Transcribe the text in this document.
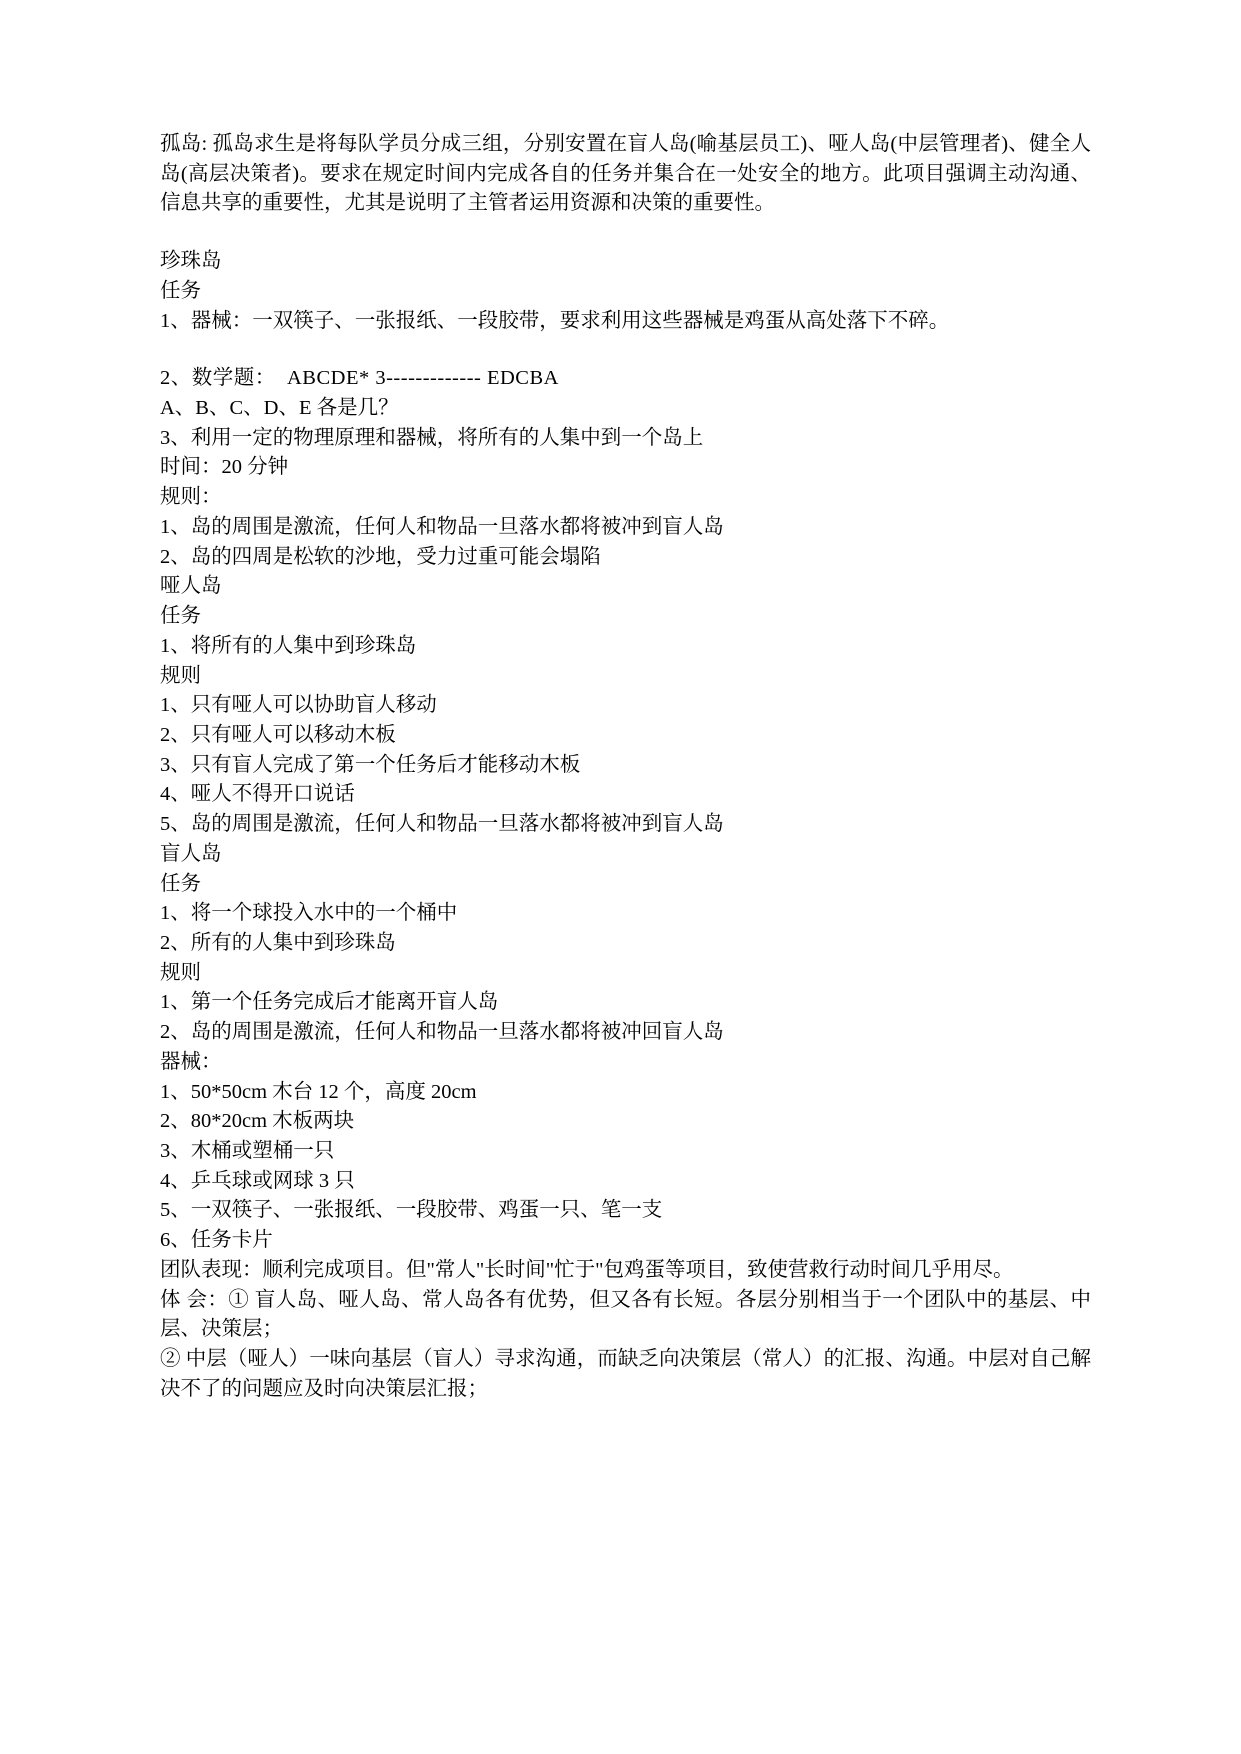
孤岛: 孤岛求生是将每队学员分成三组，分别安置在盲人岛(喻基层员工)、哑人岛(中层管理者)、健全人岛(高层决策者)。要求在规定时间内完成各自的任务并集合在一处安全的地方。此项目强调主动沟通、信息共享的重要性，尤其是说明了主管者运用资源和决策的重要性。

珍珠岛

任务

1、器械：一双筷子、一张报纸、一段胶带，要求利用这些器械是鸡蛋从高处落下不碎。

2、数学题：  ABCDE* 3------------- EDCBA

A、B、C、D、E 各是几？

3、利用一定的物理原理和器械，将所有的人集中到一个岛上

时间：20 分钟

规则：

1、岛的周围是激流，任何人和物品一旦落水都将被冲到盲人岛

2、岛的四周是松软的沙地，受力过重可能会塌陷

哑人岛

任务

1、将所有的人集中到珍珠岛

规则

1、只有哑人可以协助盲人移动

2、只有哑人可以移动木板

3、只有盲人完成了第一个任务后才能移动木板

4、哑人不得开口说话

5、岛的周围是激流，任何人和物品一旦落水都将被冲到盲人岛

盲人岛

任务

1、将一个球投入水中的一个桶中

2、所有的人集中到珍珠岛

规则

1、第一个任务完成后才能离开盲人岛

2、岛的周围是激流，任何人和物品一旦落水都将被冲回盲人岛

器械：

1、50*50cm 木台 12 个，高度 20cm

2、80*20cm 木板两块

3、木桶或塑桶一只

4、乒乓球或网球 3 只

5、一双筷子、一张报纸、一段胶带、鸡蛋一只、笔一支

6、任务卡片

团队表现：顺利完成项目。但"常人"长时间"忙于"包鸡蛋等项目，致使营救行动时间几乎用尽。

体 会：① 盲人岛、哑人岛、常人岛各有优势，但又各有长短。各层分别相当于一个团队中的基层、中层、决策层；

② 中层（哑人）一味向基层（盲人）寻求沟通，而缺乏向决策层（常人）的汇报、沟通。中层对自己解决不了的问题应及时向决策层汇报；
